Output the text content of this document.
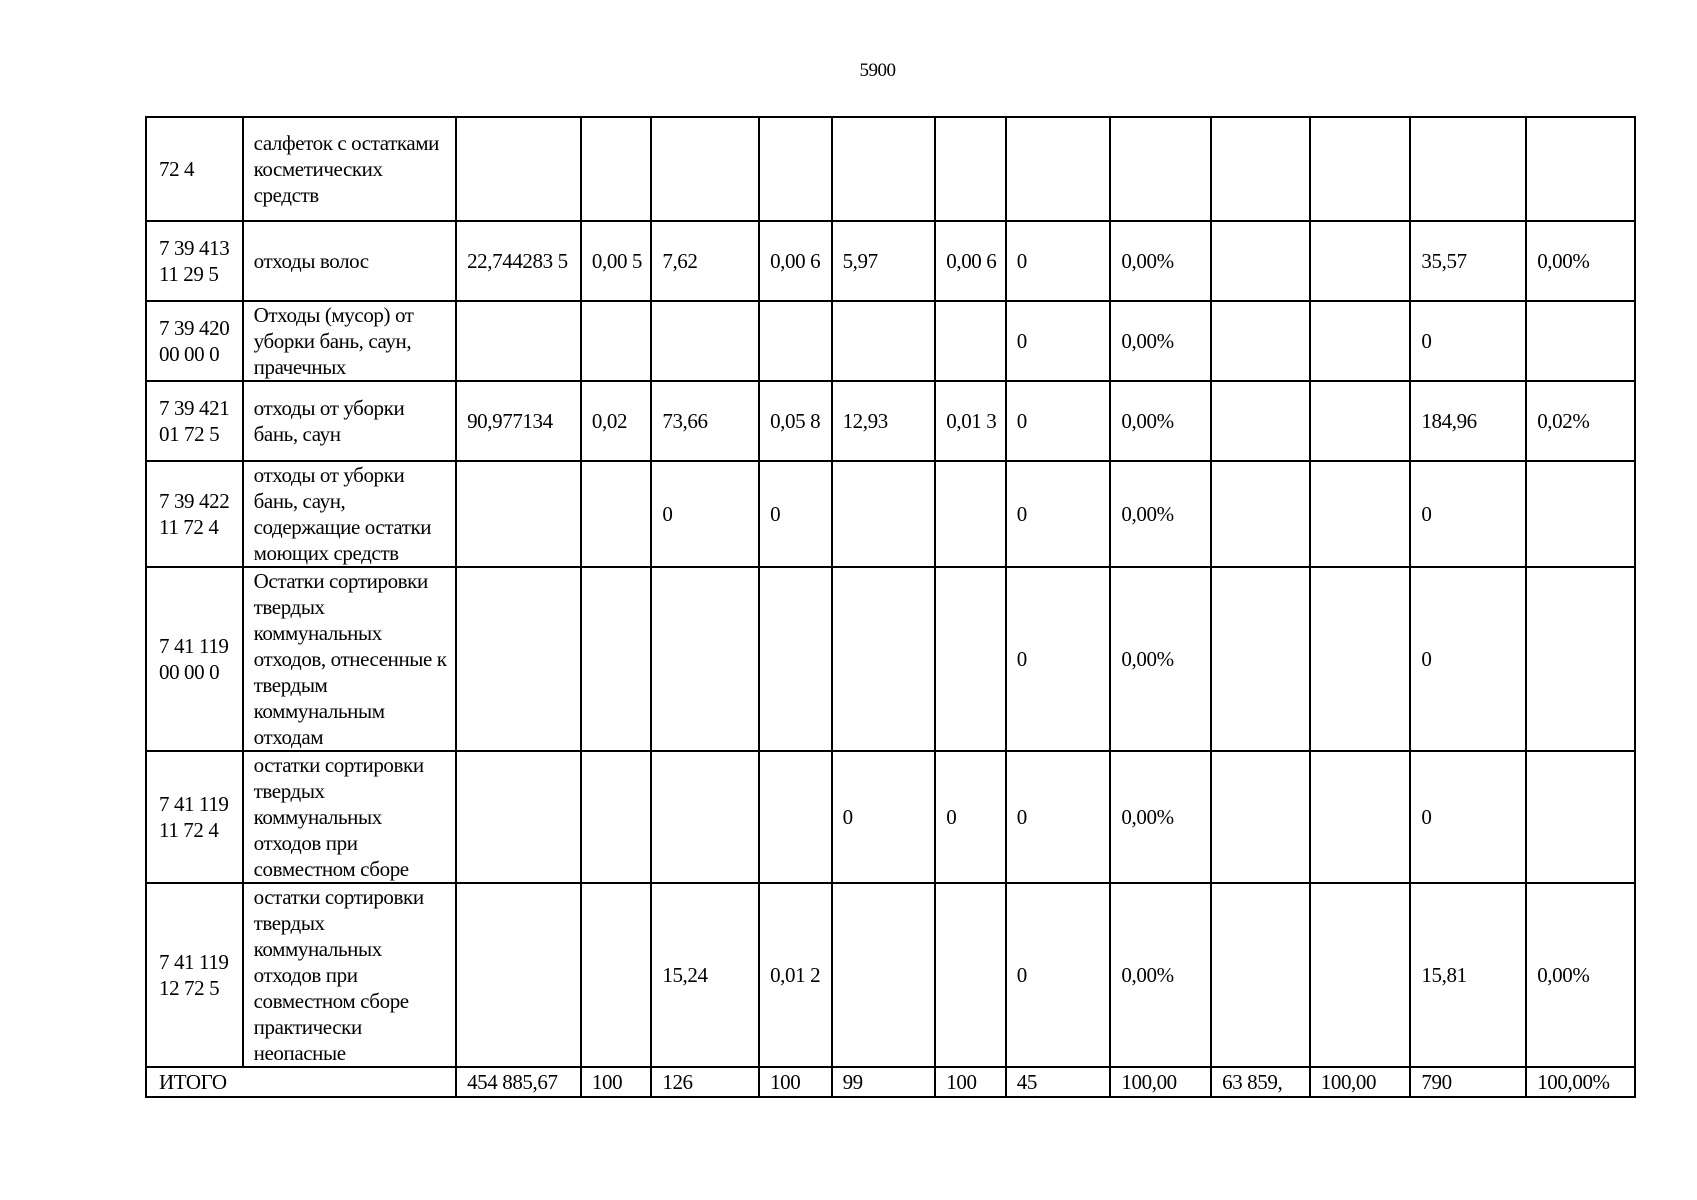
5900
72 4	салфеток с остатками косметических средств												
7 39 413 11 29 5	отходы волос	22,744283 5	0,00 5	7,62	0,00 6	5,97	0,00 6	0	0,00%			35,57	0,00%
7 39 420 00 00 0	Отходы (мусор) от уборки бань, саун, прачечных							0	0,00%			0	
7 39 421 01 72 5	отходы от уборки бань, саун	90,977134	0,02	73,66	0,05 8	12,93	0,01 3	0	0,00%			184,96	0,02%
7 39 422 11 72 4	отходы от уборки бань, саун, содержащие остатки моющих средств			0	0			0	0,00%			0	
7 41 119 00 00 0	Остатки сортировки твердых коммунальных отходов, отнесенные к твердым коммунальным отходам							0	0,00%			0	
7 41 119 11 72 4	остатки сортировки твердых коммунальных отходов при совместном сборе					0	0	0	0,00%			0	
7 41 119 12 72 5	остатки сортировки твердых коммунальных отходов при совместном сборе практически неопасные			15,24	0,01 2			0	0,00%			15,81	0,00%
ИТОГО		454 885,67	100	126	100	99	100	45	100,00	63 859,	100,00	790	100,00%
